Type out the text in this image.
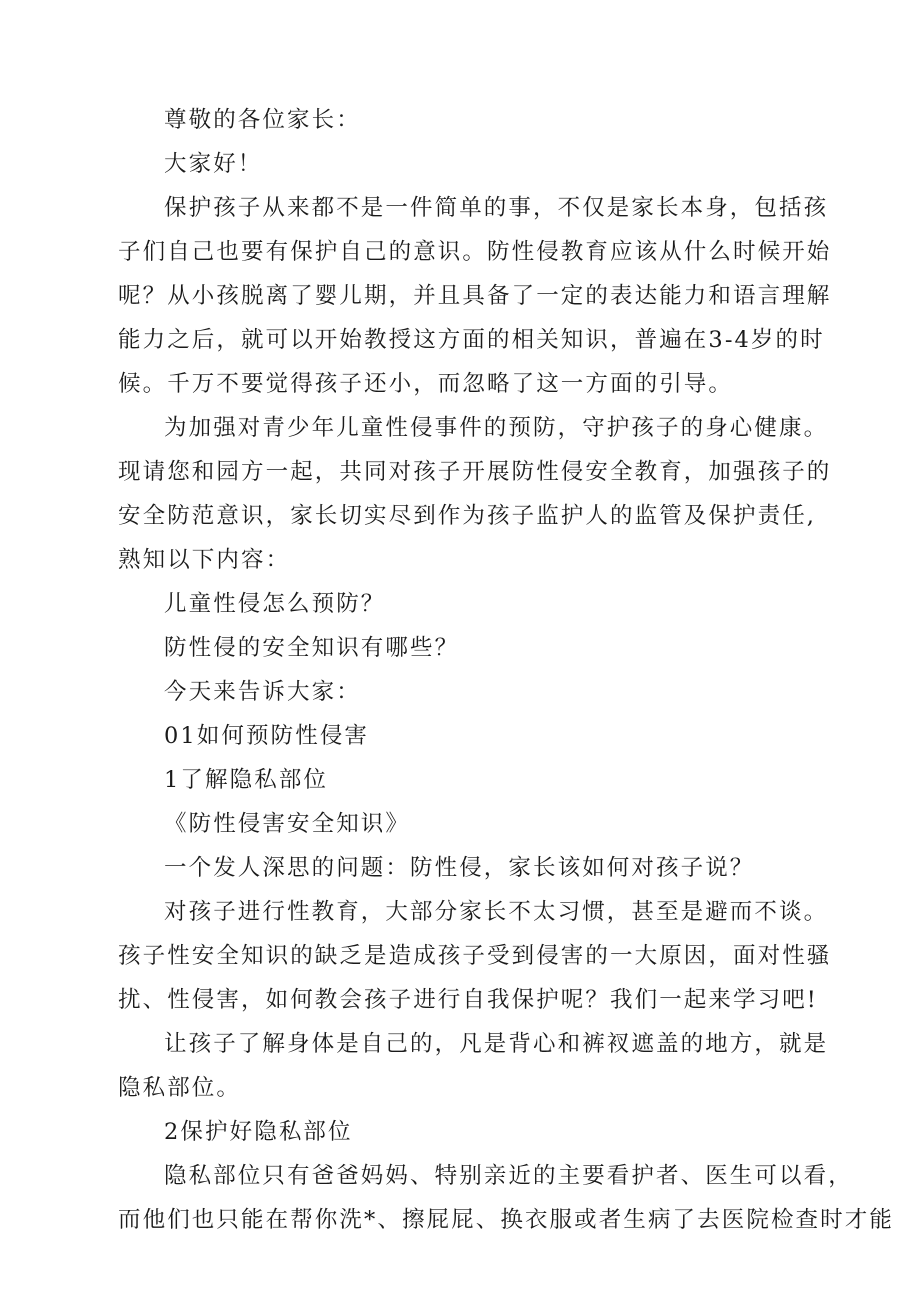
尊敬的各位家长：

大家好！

保护孩子从来都不是一件简单的事，不仅是家长本身，包括孩子们自己也要有保护自己的意识。防性侵教育应该从什么时候开始呢？从小孩脱离了婴儿期，并且具备了一定的表达能力和语言理解能力之后，就可以开始教授这方面的相关知识，普遍在3-4岁的时候。千万不要觉得孩子还小，而忽略了这一方面的引导。

为加强对青少年儿童性侵事件的预防，守护孩子的身心健康。现请您和园方一起，共同对孩子开展防性侵安全教育，加强孩子的安全防范意识，家长切实尽到作为孩子监护人的监管及保护责任,熟知以下内容：

儿童性侵怎么预防？

防性侵的安全知识有哪些？

今天来告诉大家：

01如何预防性侵害

1了解隐私部位

《防性侵害安全知识》

一个发人深思的问题：防性侵，家长该如何对孩子说？

对孩子进行性教育，大部分家长不太习惯，甚至是避而不谈。孩子性安全知识的缺乏是造成孩子受到侵害的一大原因，面对性骚扰、性侵害，如何教会孩子进行自我保护呢？我们一起来学习吧!

让孩子了解身体是自己的，凡是背心和裤衩遮盖的地方，就是隐私部位。

2保护好隐私部位

隐私部位只有爸爸妈妈、特别亲近的主要看护者、医生可以看，

而他们也只能在帮你洗*、擦屁屁、换衣服或者生病了去医院检查时才能
